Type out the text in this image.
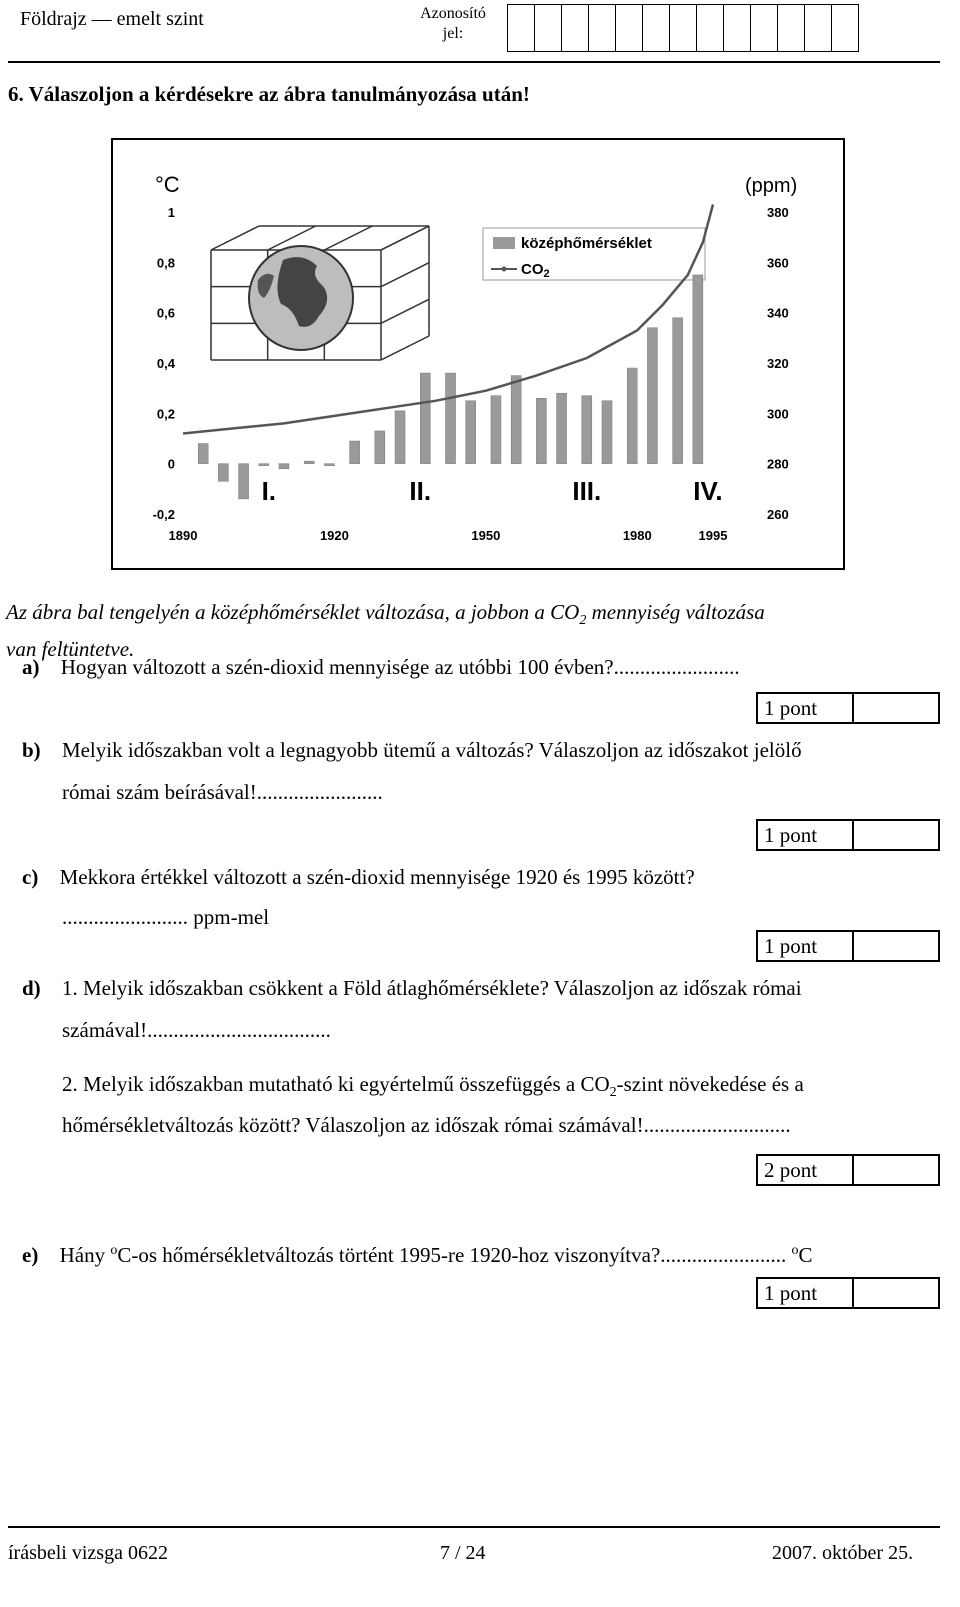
Földrajz — emelt szint	Azonosító jel:
6. Válaszoljon a kérdésekre az ábra tanulmányozása után!
°C	(ppm)
1
0,8
0,6
0,4
0,2
0
-0,2
380
360
340
320
300
280
260
1890	1920	1950	1980	1995
középhőmérséklet
$CO_2$
I.	II.	III.	IV.
Az ábra bal tengelyén a középhőmérséklet változása, a jobbon a $CO_2$ mennyiség változása
van feltüntetve.
a) Hogyan változott a szén-dioxid mennyisége az utóbbi 100 évben?........................
1 pont
b) Melyik időszakban volt a legnagyobb ütemű a változás? Válaszoljon az időszakot jelölő
római szám beírásával!........................
1 pont
c) Mekkora értékkel változott a szén-dioxid mennyisége 1920 és 1995 között?
........................ ppm-mel
1 pont
d) 1. Melyik időszakban csökkent a Föld átlaghőmérséklete? Válaszoljon az időszak római
számával!...................................
2. Melyik időszakban mutatható ki egyértelmű összefüggés a $CO_2$-szint növekedése és a
hőmérsékletváltozás között? Válaszoljon az időszak római számával!............................
2 pont
e) Hány $^o$C-os hőmérsékletváltozás történt 1995-re 1920-hoz viszonyítva?........................ $^o$C
1 pont
írásbeli vizsga 0622	7 / 24	2007. október 25.
